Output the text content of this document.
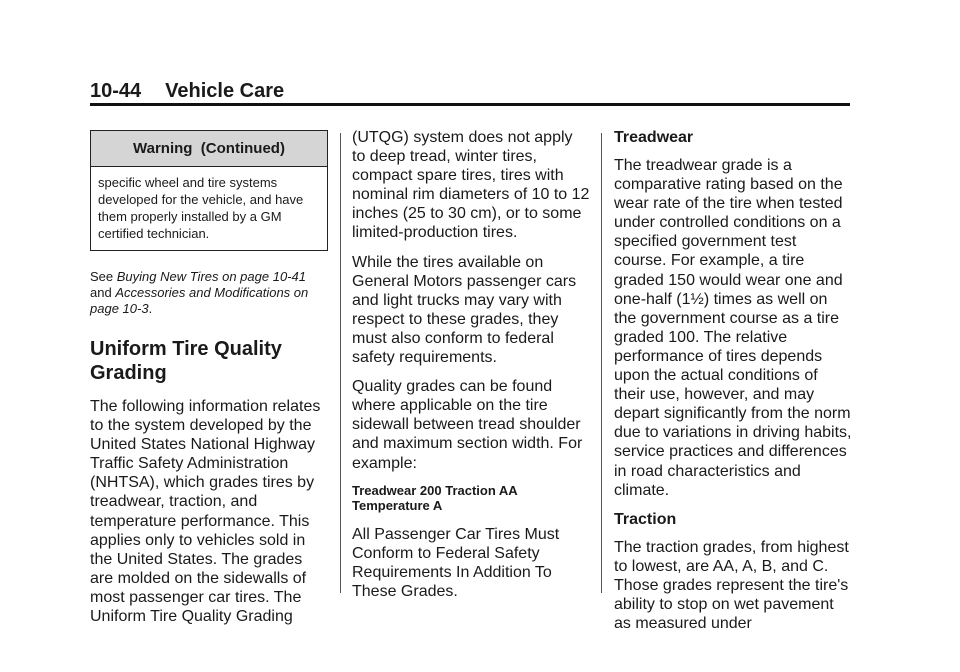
10-44 Vehicle Care
Warning  (Continued)
specific wheel and tire systems developed for the vehicle, and have them properly installed by a GM certified technician.
See Buying New Tires on page 10-41 and Accessories and Modifications on page 10-3.
Uniform Tire Quality Grading

The following information relates to the system developed by the United States National Highway Traffic Safety Administration (NHTSA), which grades tires by treadwear, traction, and temperature performance. This applies only to vehicles sold in the United States. The grades are molded on the sidewalls of most passenger car tires. The Uniform Tire Quality Grading

(UTQG) system does not apply to deep tread, winter tires, compact spare tires, tires with nominal rim diameters of 10 to 12 inches (25 to 30 cm), or to some limited-production tires.

While the tires available on General Motors passenger cars and light trucks may vary with respect to these grades, they must also conform to federal safety requirements.

Quality grades can be found where applicable on the tire sidewall between tread shoulder and maximum section width. For example:

Treadwear 200 Traction AA Temperature A

All Passenger Car Tires Must Conform to Federal Safety Requirements In Addition To These Grades.

Treadwear

The treadwear grade is a comparative rating based on the wear rate of the tire when tested under controlled conditions on a specified government test course. For example, a tire graded 150 would wear one and one-half (1½) times as well on the government course as a tire graded 100. The relative performance of tires depends upon the actual conditions of their use, however, and may depart significantly from the norm due to variations in driving habits, service practices and differences in road characteristics and climate.

Traction

The traction grades, from highest to lowest, are AA, A, B, and C. Those grades represent the tire's ability to stop on wet pavement as measured under
